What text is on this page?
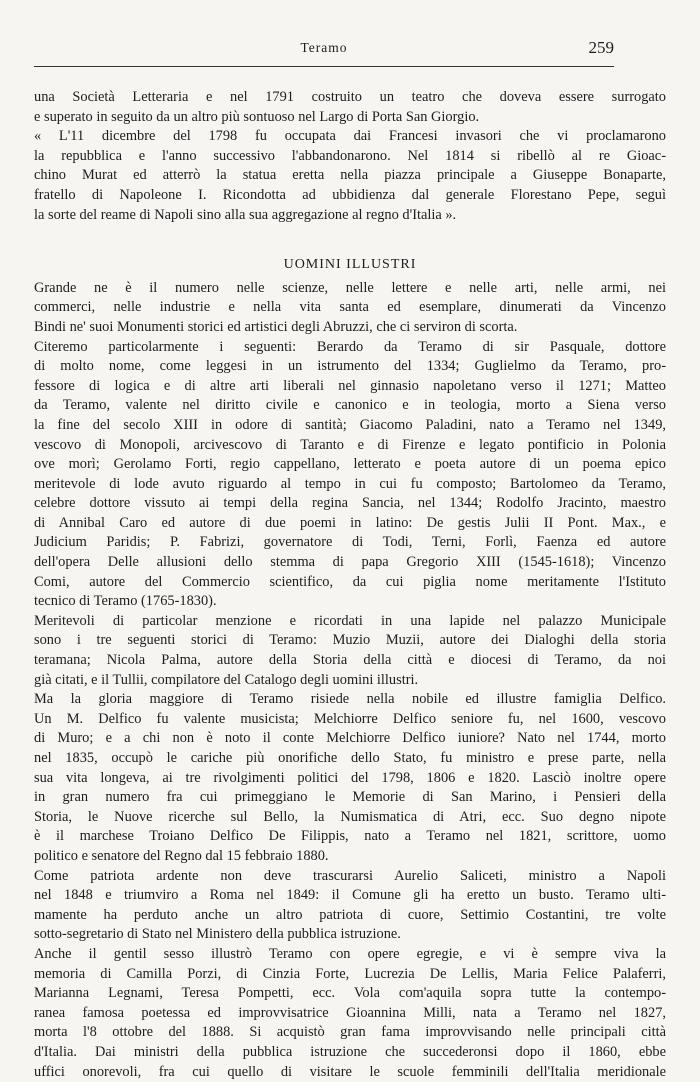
Teramo	259
una Società Letteraria e nel 1791 costruito un teatro che doveva essere surrogato
e superato in seguito da un altro più sontuoso nel Largo di Porta San Giorgio.
« L'11 dicembre del 1798 fu occupata dai Francesi invasori che vi proclamarono
la repubblica e l'anno successivo l'abbandonarono. Nel 1814 si ribellò al re Gioac-
chino Murat ed atterrò la statua eretta nella piazza principale a Giuseppe Bonaparte,
fratello di Napoleone I. Ricondotta ad ubbidienza dal generale Florestano Pepe, seguì
la sorte del reame di Napoli sino alla sua aggregazione al regno d'Italia ».
UOMINI ILLUSTRI
Grande ne è il numero nelle scienze, nelle lettere e nelle arti, nelle armi, nei
commerci, nelle industrie e nella vita santa ed esemplare, dinumerati da Vincenzo
Bindi ne' suoi Monumenti storici ed artistici degli Abruzzi, che ci serviron di scorta.
Citeremo particolarmente i seguenti: Berardo da Teramo di sir Pasquale, dottore
di molto nome, come leggesi in un istrumento del 1334; Guglielmo da Teramo, pro-
fessore di logica e di altre arti liberali nel ginnasio napoletano verso il 1271; Matteo
da Teramo, valente nel diritto civile e canonico e in teologia, morto a Siena verso
la fine del secolo XIII in odore di santità; Giacomo Paladini, nato a Teramo nel 1349,
vescovo di Monopoli, arcivescovo di Taranto e di Firenze e legato pontificio in Polonia
ove morì; Gerolamo Forti, regio cappellano, letterato e poeta autore di un poema epico
meritevole di lode avuto riguardo al tempo in cui fu composto; Bartolomeo da Teramo,
celebre dottore vissuto ai tempi della regina Sancia, nel 1344; Rodolfo Jracinto, maestro
di Annibal Caro ed autore di due poemi in latino: De gestis Julii II Pont. Max., e
Judicium Paridis; P. Fabrizi, governatore di Todi, Terni, Forlì, Faenza ed autore
dell'opera Delle allusioni dello stemma di papa Gregorio XIII (1545-1618); Vincenzo
Comi, autore del Commercio scientifico, da cui piglia nome meritamente l'Istituto
tecnico di Teramo (1765-1830).
Meritevoli di particolar menzione e ricordati in una lapide nel palazzo Municipale
sono i tre seguenti storici di Teramo: Muzio Muzii, autore dei Dialoghi della storia
teramana; Nicola Palma, autore della Storia della città e diocesi di Teramo, da noi
già citati, e il Tullii, compilatore del Catalogo degli uomini illustri.
Ma la gloria maggiore di Teramo risiede nella nobile ed illustre famiglia Delfico.
Un M. Delfico fu valente musicista; Melchiorre Delfico seniore fu, nel 1600, vescovo
di Muro; e a chi non è noto il conte Melchiorre Delfico iuniore? Nato nel 1744, morto
nel 1835, occupò le cariche più onorifiche dello Stato, fu ministro e prese parte, nella
sua vita longeva, ai tre rivolgimenti politici del 1798, 1806 e 1820. Lasciò inoltre opere
in gran numero fra cui primeggiano le Memorie di San Marino, i Pensieri della
Storia, le Nuove ricerche sul Bello, la Numismatica di Atri, ecc. Suo degno nipote
è il marchese Troiano Delfico De Filippis, nato a Teramo nel 1821, scrittore, uomo
politico e senatore del Regno dal 15 febbraio 1880.
Come patriota ardente non deve trascurarsi Aurelio Saliceti, ministro a Napoli
nel 1848 e triumviro a Roma nel 1849: il Comune gli ha eretto un busto. Teramo ulti-
mamente ha perduto anche un altro patriota di cuore, Settimio Costantini, tre volte
sotto-segretario di Stato nel Ministero della pubblica istruzione.
Anche il gentil sesso illustrò Teramo con opere egregie, e vi è sempre viva la
memoria di Camilla Porzi, di Cinzia Forte, Lucrezia De Lellis, Maria Felice Palaferri,
Marianna Legnami, Teresa Pompetti, ecc. Vola com'aquila sopra tutte la contempo-
ranea famosa poetessa ed improvvisatrice Gioannina Milli, nata a Teramo nel 1827,
morta l'8 ottobre del 1888. Si acquistò gran fama improvvisando nelle principali città
d'Italia. Dai ministri della pubblica istruzione che succederonsi dopo il 1860, ebbe
uffici onorevoli, fra cui quello di visitare le scuole femminili dell'Italia meridionale
